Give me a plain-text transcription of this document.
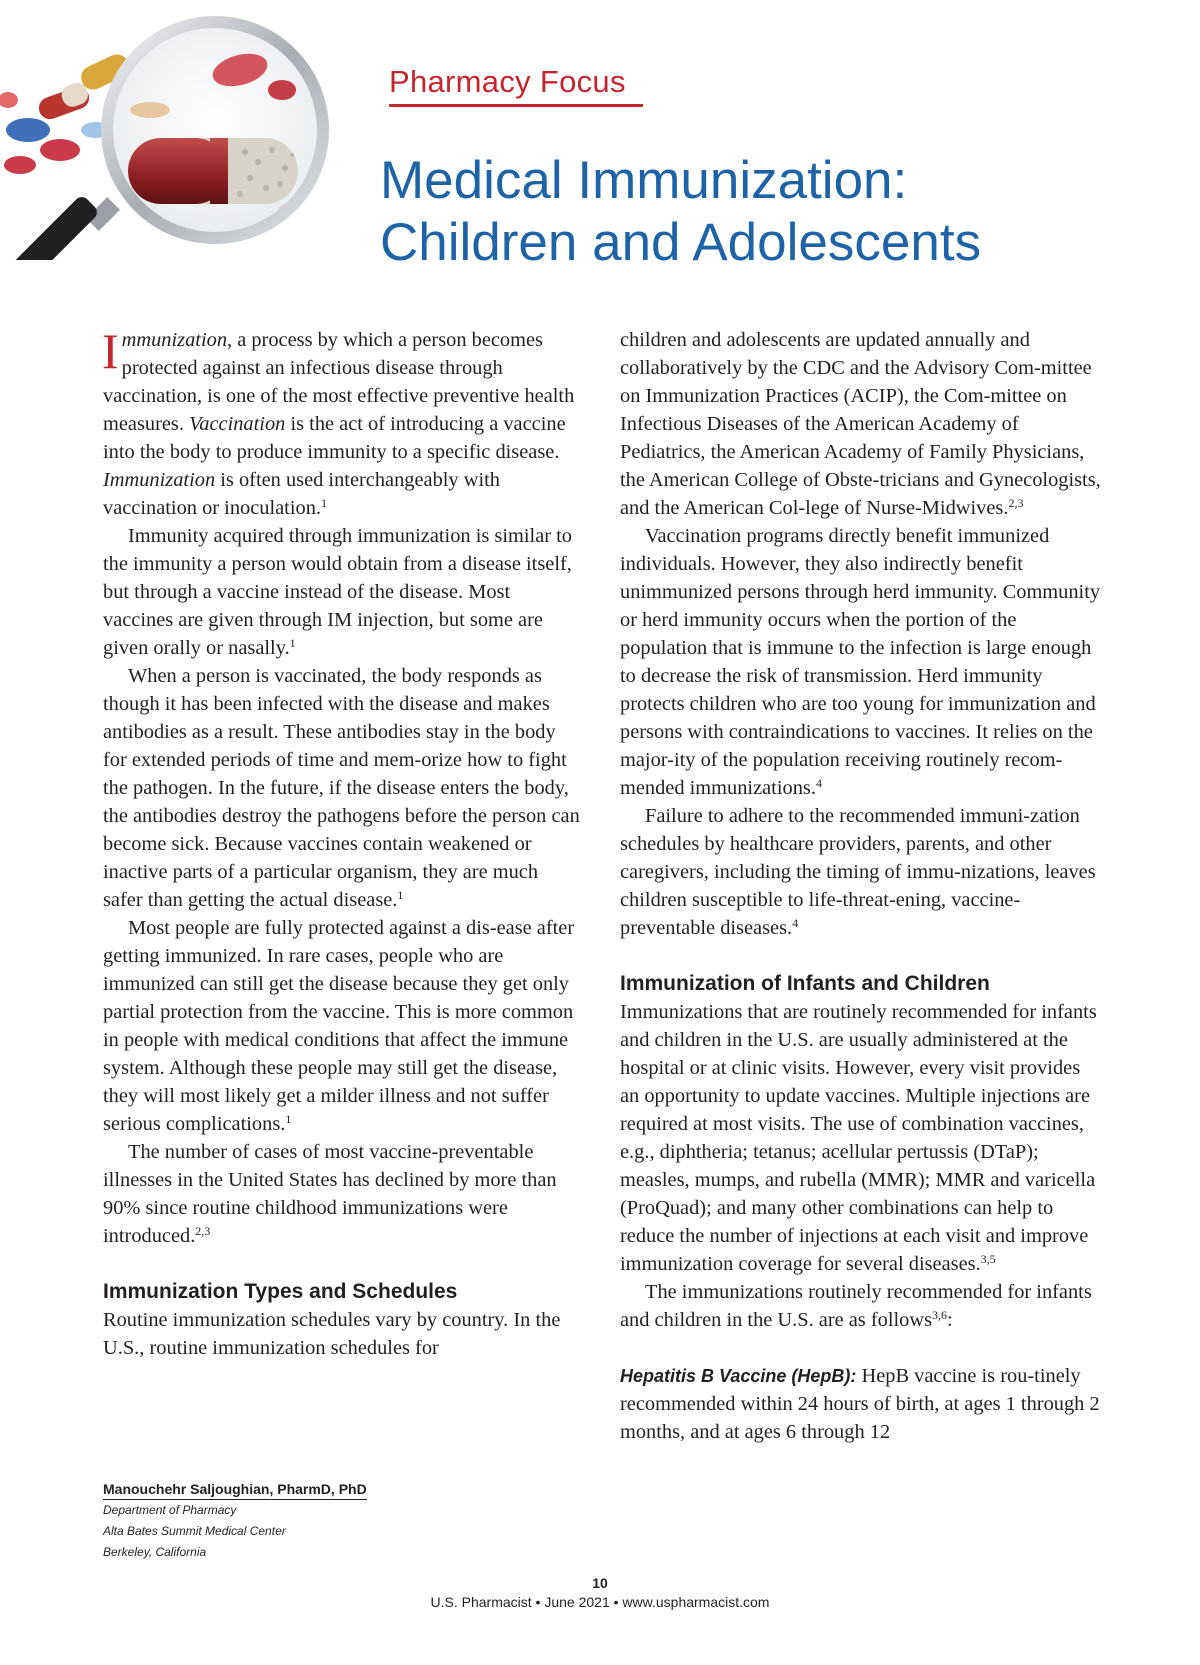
Pharmacy Focus
Medical Immunization:
Children and Adolescents

Immunization, a process by which a person becomes protected against an infectious disease through vaccination, is one of the most effective preventive health measures. Vaccination is the act of introducing a vaccine into the body to produce immunity to a specific disease. Immunization is often used interchangeably with vaccination or inoculation.$^1$

Immunity acquired through immunization is similar to the immunity a person would obtain from a disease itself, but through a vaccine instead of the disease. Most vaccines are given through IM injection, but some are given orally or nasally.$^1$

When a person is vaccinated, the body responds as though it has been infected with the disease and makes antibodies as a result. These antibodies stay in the body for extended periods of time and mem-orize how to fight the pathogen. In the future, if the disease enters the body, the antibodies destroy the pathogens before the person can become sick. Because vaccines contain weakened or inactive parts of a particular organism, they are much safer than getting the actual disease.$^1$

Most people are fully protected against a dis-ease after getting immunized. In rare cases, people who are immunized can still get the disease because they get only partial protection from the vaccine. This is more common in people with medical conditions that affect the immune system. Although these people may still get the disease, they will most likely get a milder illness and not suffer serious complications.$^1$

The number of cases of most vaccine-preventable illnesses in the United States has declined by more than 90% since routine childhood immunizations were introduced.$^{2,3}$

Immunization Types and Schedules

Routine immunization schedules vary by country. In the U.S., routine immunization schedules for

children and adolescents are updated annually and collaboratively by the CDC and the Advisory Com-mittee on Immunization Practices (ACIP), the Com-mittee on Infectious Diseases of the American Academy of Pediatrics, the American Academy of Family Physicians, the American College of Obste-tricians and Gynecologists, and the American Col-lege of Nurse-Midwives.$^{2,3}$

Vaccination programs directly benefit immunized individuals. However, they also indirectly benefit unimmunized persons through herd immunity. Community or herd immunity occurs when the portion of the population that is immune to the infection is large enough to decrease the risk of transmission. Herd immunity protects children who are too young for immunization and persons with contraindications to vaccines. It relies on the major-ity of the population receiving routinely recom-mended immunizations.$^4$

Failure to adhere to the recommended immuni-zation schedules by healthcare providers, parents, and other caregivers, including the timing of immu-nizations, leaves children susceptible to life-threat-ening, vaccine-preventable diseases.$^4$

Immunization of Infants and Children

Immunizations that are routinely recommended for infants and children in the U.S. are usually administered at the hospital or at clinic visits. However, every visit provides an opportunity to update vaccines. Multiple injections are required at most visits. The use of combination vaccines, e.g., diphtheria; tetanus; acellular pertussis (DTaP); measles, mumps, and rubella (MMR); MMR and varicella (ProQuad); and many other combinations can help to reduce the number of injections at each visit and improve immunization coverage for several diseases.$^{3,5}$

The immunizations routinely recommended for infants and children in the U.S. are as follows$^{3,6}$:

Hepatitis B Vaccine (HepB): HepB vaccine is rou-tinely recommended within 24 hours of birth, at ages 1 through 2 months, and at ages 6 through 12

Manouchehr Saljoughian, PharmD, PhD
Department of Pharmacy
Alta Bates Summit Medical Center
Berkeley, California
10
U.S. Pharmacist • June 2021 • www.uspharmacist.com
